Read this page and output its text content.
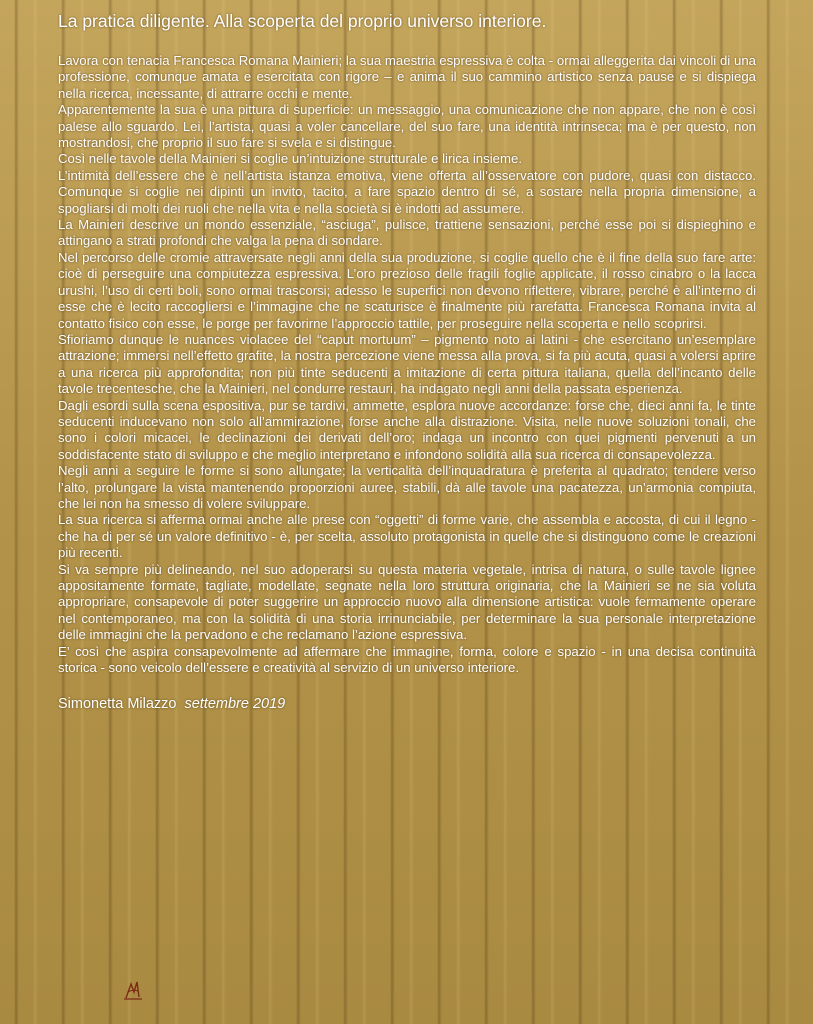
La pratica diligente. Alla scoperta del proprio universo interiore.

Lavora con tenacia Francesca Romana Mainieri; la sua maestria espressiva è colta - ormai alleggerita dai vincoli di una professione, comunque amata e esercitata con rigore – e anima il suo cammino artistico senza pause e si dispiega nella ricerca, incessante, di attrarre occhi e mente.

Apparentemente la sua è una pittura di superficie: un messaggio, una comunicazione che non appare, che non è così palese allo sguardo. Lei, l’artista, quasi a voler cancellare, del suo fare, una identità intrinseca; ma è per questo, non mostrandosi, che proprio il suo fare si svela e si distingue.

Così nelle tavole della Mainieri si coglie un’intuizione strutturale e lirica insieme.

L’intimità dell’essere che è nell’artista istanza emotiva, viene offerta all’osservatore con pudore, quasi con distacco. Comunque si coglie nei dipinti un invito, tacito, a fare spazio dentro di sé, a sostare nella propria dimensione, a spogliarsi di molti dei ruoli che nella vita e nella società si è indotti ad assumere.

La Mainieri descrive un mondo essenziale, “asciuga”, pulisce, trattiene sensazioni, perché esse poi si dispieghino e attingano a strati profondi che valga la pena di sondare.

Nel percorso delle cromie attraversate negli anni della sua produzione, si coglie quello che è il fine della suo fare arte: cioè di perseguire una compiutezza espressiva. L’oro prezioso delle fragili foglie applicate, il rosso cinabro o la lacca urushi, l’uso di certi boli, sono ormai trascorsi; adesso le superfici non devono riflettere, vibrare, perché è all’interno di esse che è lecito raccogliersi e l’immagine che ne scaturisce è finalmente più rarefatta. Francesca Romana invita al contatto fisico con esse, le porge per favorirne l’approccio tattile, per proseguire nella scoperta e nello scoprirsi.

Sfioriamo dunque le nuances violacee del “caput mortuum” – pigmento noto ai latini - che esercitano un’esemplare attrazione; immersi nell’effetto grafite, la nostra percezione viene messa alla prova, si fa più acuta, quasi a volersi aprire a una ricerca più approfondita; non più tinte seducenti a imitazione di certa pittura italiana, quella dell’incanto delle tavole trecentesche, che la Mainieri, nel condurre restauri, ha indagato negli anni della passata esperienza.

Dagli esordi sulla scena espositiva, pur se tardivi, ammette, esplora nuove accordanze: forse che, dieci anni fa, le tinte seducenti inducevano non solo all’ammirazione, forse anche alla distrazione. Visita, nelle nuove soluzioni tonali, che sono i colori micacei, le declinazioni dei derivati dell’oro; indaga un incontro con quei pigmenti pervenuti a un soddisfacente stato di sviluppo e che meglio interpretano e infondono solidità alla sua ricerca di consapevolezza.

Negli anni a seguire le forme si sono allungate; la verticalità dell’inquadratura è preferita al quadrato; tendere verso l’alto, prolungare la vista mantenendo proporzioni auree, stabili, dà alle tavole una pacatezza, un’armonia compiuta, che lei non ha smesso di volere sviluppare.

La sua ricerca si afferma ormai anche alle prese con “oggetti” di forme varie, che assembla e accosta, di cui il legno - che ha di per sé un valore definitivo - è, per scelta, assoluto protagonista in quelle che si distinguono come le creazioni più recenti.

Si va sempre più delineando, nel suo adoperarsi su questa materia vegetale, intrisa di natura, o sulle tavole lignee appositamente formate, tagliate, modellate, segnate nella loro struttura originaria, che la Mainieri se ne sia voluta appropriare, consapevole di poter suggerire un approccio nuovo alla dimensione artistica: vuole fermamente operare nel contemporaneo, ma con la solidità di una storia irrinunciabile, per determinare la sua personale interpretazione delle immagini che la pervadono e che reclamano l’azione espressiva.

E’ così che aspira consapevolmente ad affermare che immagine, forma, colore e spazio - in una decisa continuità storica - sono veicolo dell’essere e creatività al servizio di un universo interiore.

Simonetta Milazzo settembre 2019
